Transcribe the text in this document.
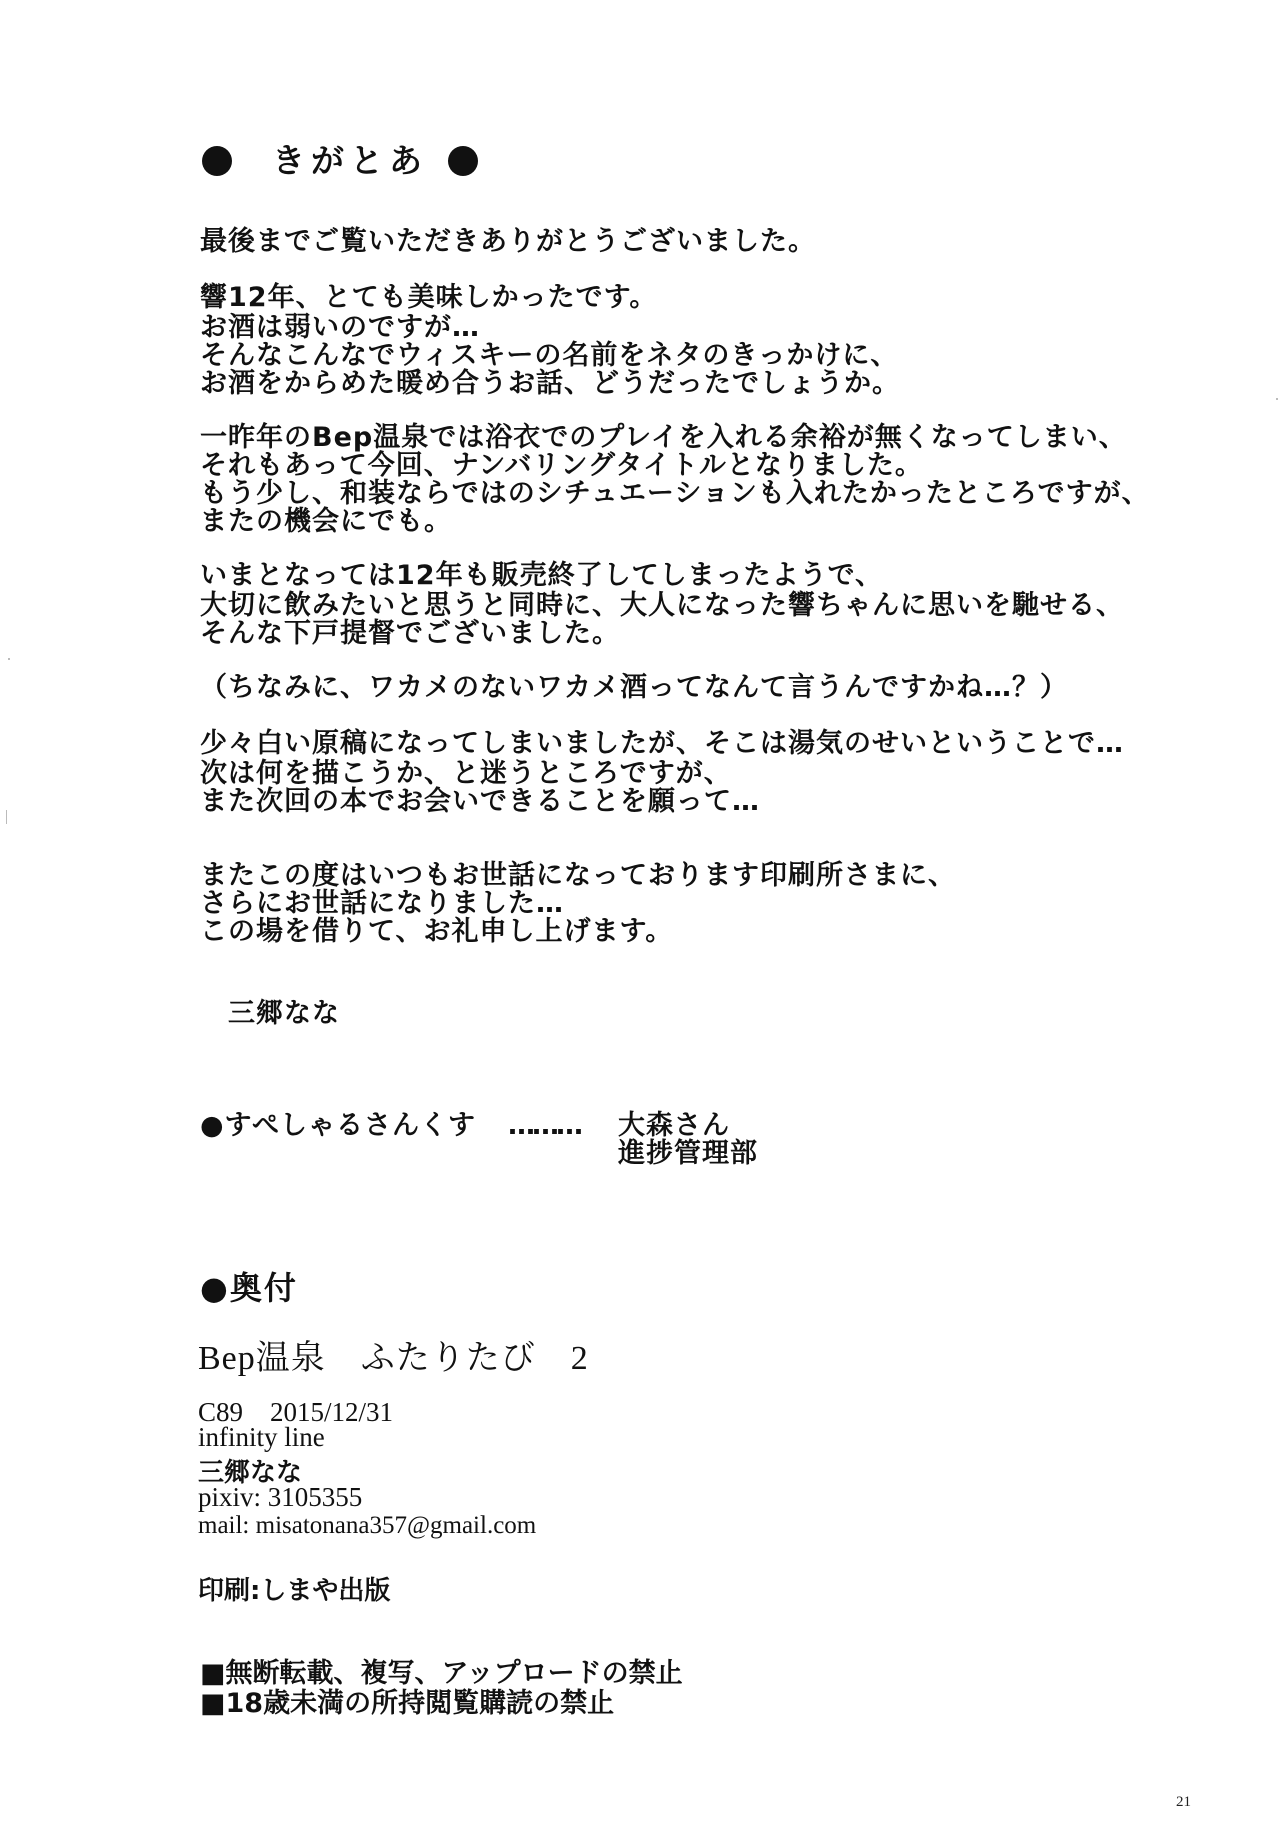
きがとあ
最後までご覧いただきありがとうございました。
響12年、とても美味しかったです。
お酒は弱いのですが…
そんなこんなでウィスキーの名前をネタのきっかけに、
お酒をからめた暖め合うお話、どうだったでしょうか。
一昨年のBep温泉では浴衣でのプレイを入れる余裕が無くなってしまい、
それもあって今回、ナンバリングタイトルとなりました。
もう少し、和装ならではのシチュエーションも入れたかったところですが、
またの機会にでも。
いまとなっては12年も販売終了してしまったようで、
大切に飲みたいと思うと同時に、大人になった響ちゃんに思いを馳せる、
そんな下戸提督でございました。
（ちなみに、ワカメのないワカメ酒ってなんて言うんですかね…？）
少々白い原稿になってしまいましたが、そこは湯気のせいということで…
次は何を描こうか、と迷うところですが、
また次回の本でお会いできることを願って…
またこの度はいつもお世話になっております印刷所さまに、
さらにお世話になりました…
この場を借りて、お礼申し上げます。
三郷なな
●すぺしゃるさんくす ……… 大森さん
進捗管理部
●奥付
Bep温泉　ふたりたび　2
C89　2015/12/31
infinity line
三郷なな
pixiv: 3105355
mail: misatonana357@gmail.com
印刷:しまや出版
■無断転載、複写、アップロードの禁止
■18歳未満の所持閲覧購読の禁止
21
